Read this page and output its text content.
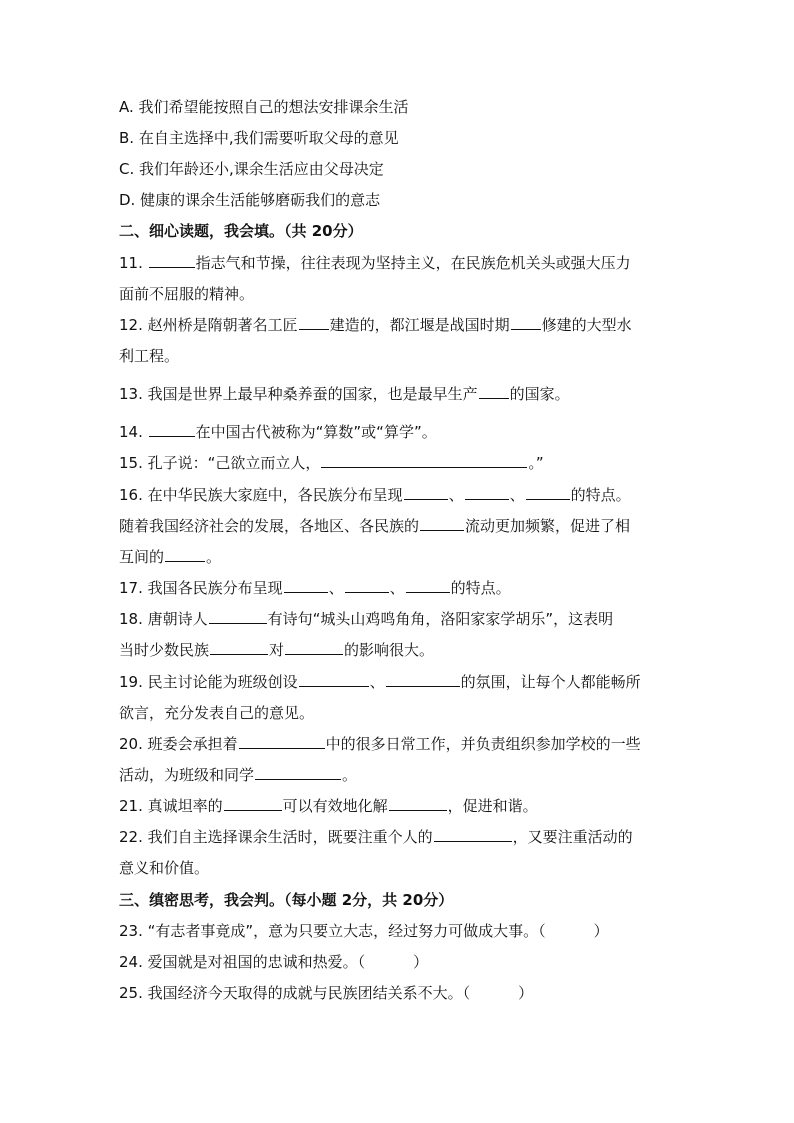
A. 我们希望能按照自己的想法安排课余生活
B. 在自主选择中,我们需要听取父母的意见
C. 我们年龄还小,课余生活应由父母决定
D. 健康的课余生活能够磨砺我们的意志
二、细心读题，我会填。（共 20分）
11.	指志气和节操，往往表现为坚持主义，在民族危机关头或强大压力
面前不屈服的精神。
12. 赵州桥是隋朝著名工匠 建造的，都江堰是战国时期 修建的大型水
利工程。
13. 我国是世界上最早种桑养蚕的国家，也是最早生产 的国家。
14.	在中国古代被称为“算数”或“算学”。
15. 孔子说：“己欲立而立人，	。”
16. 在中华民族大家庭中，各民族分布呈现	、	、	的特点。
随着我国经济社会的发展，各地区、各民族的	流动更加频繁，促进了相
互间的	。
17. 我国各民族分布呈现	、	、	的特点。
18. 唐朝诗人	有诗句“城头山鸡鸣角角，洛阳家家学胡乐”，这表明
当时少数民族	对	的影响很大。
19. 民主讨论能为班级创设	、	的氛围，让每个人都能畅所
欲言，充分发表自己的意见。
20. 班委会承担着	中的很多日常工作，并负责组织参加学校的一些
活动，为班级和同学	。
21. 真诚坦率的	可以有效地化解	，促进和谐。
22. 我们自主选择课余生活时，既要注重个人的	，又要注重活动的
意义和价值。
三、缜密思考，我会判。（每小题 2分，共 20分）
23. “有志者事竟成”，意为只要立大志，经过努力可做成大事。（	）
24. 爱国就是对祖国的忠诚和热爱。（	）
25. 我国经济今天取得的成就与民族团结关系不大。（	）
